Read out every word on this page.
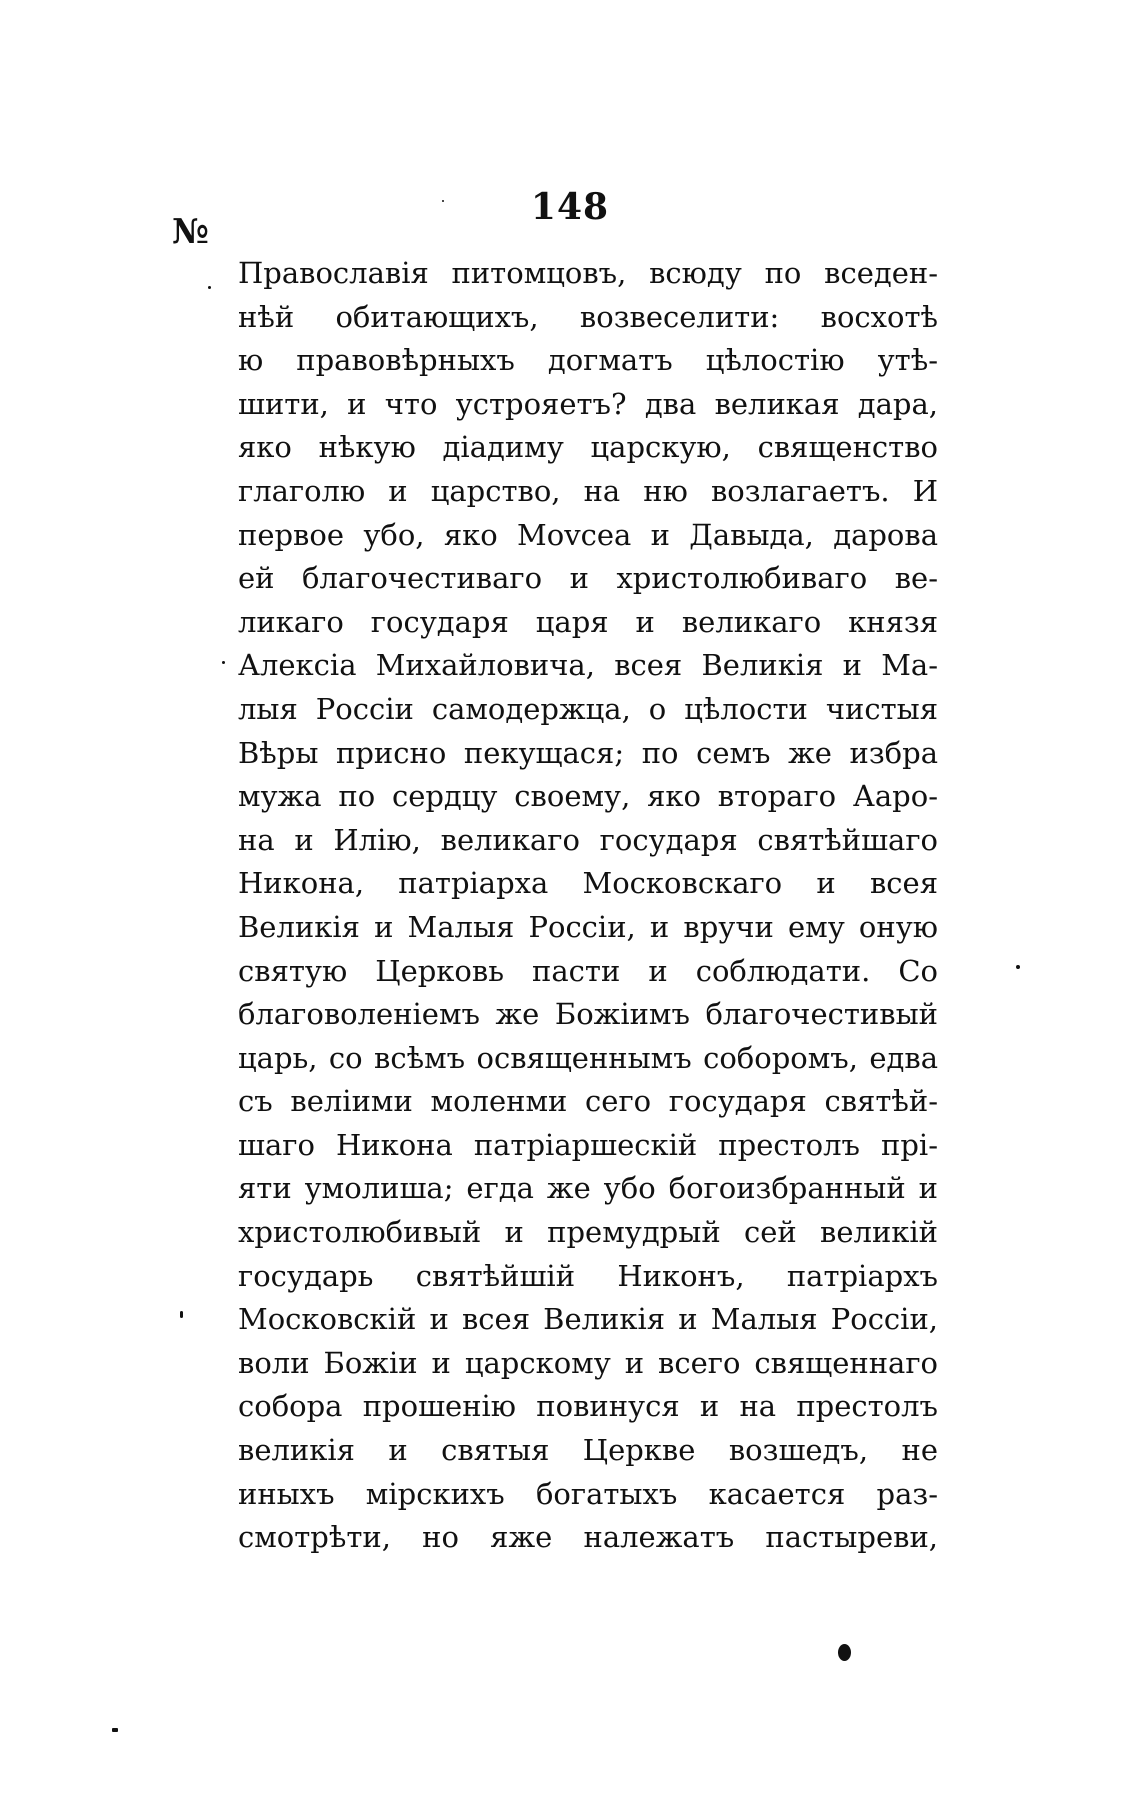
148
№
Православія питомцовъ, всюду по вседен-
нѣй обитающихъ, возвеселити: восхотѣ
ю правовѣрныхъ догматъ цѣлостію утѣ-
шити, и что устрояетъ? два великая дара,
яко нѣкую діадиму царскую, священство
глаголю и царство, на ню возлагаетъ. И
первое убо, яко Моvсеа и Давыда, дарова
ей благочестиваго и христолюбиваго ве-
ликаго государя царя и великаго князя
Алексіа Михайловича, всея Великія и Ма-
лыя Россіи самодержца, о цѣлости чистыя
Вѣры присно пекущася; по семъ же избра
мужа по сердцу своему, яко втораго Ааро-
на и Илію, великаго государя святѣйшаго
Никона, патріарха Московскаго и всея
Великія и Малыя Россіи, и вручи ему оную
святую Церковь пасти и соблюдати. Со
благоволеніемъ же Божіимъ благочестивый
царь, со всѣмъ освященнымъ соборомъ, едва
съ веліими моленми сего государя святѣй-
шаго Никона патріаршескій престолъ прі-
яти умолиша; егда же убо богоизбранный и
христолюбивый и премудрый сей великій
государь святѣйшій Никонъ, патріархъ
Московскій и всея Великія и Малыя Россіи,
воли Божіи и царскому и всего священнаго
собора прошенію повинуся и на престолъ
великія и святыя Церкве возшедъ, не
иныхъ мірскихъ богатыхъ касается раз-
смотрѣти, но яже належатъ пастыреви,
